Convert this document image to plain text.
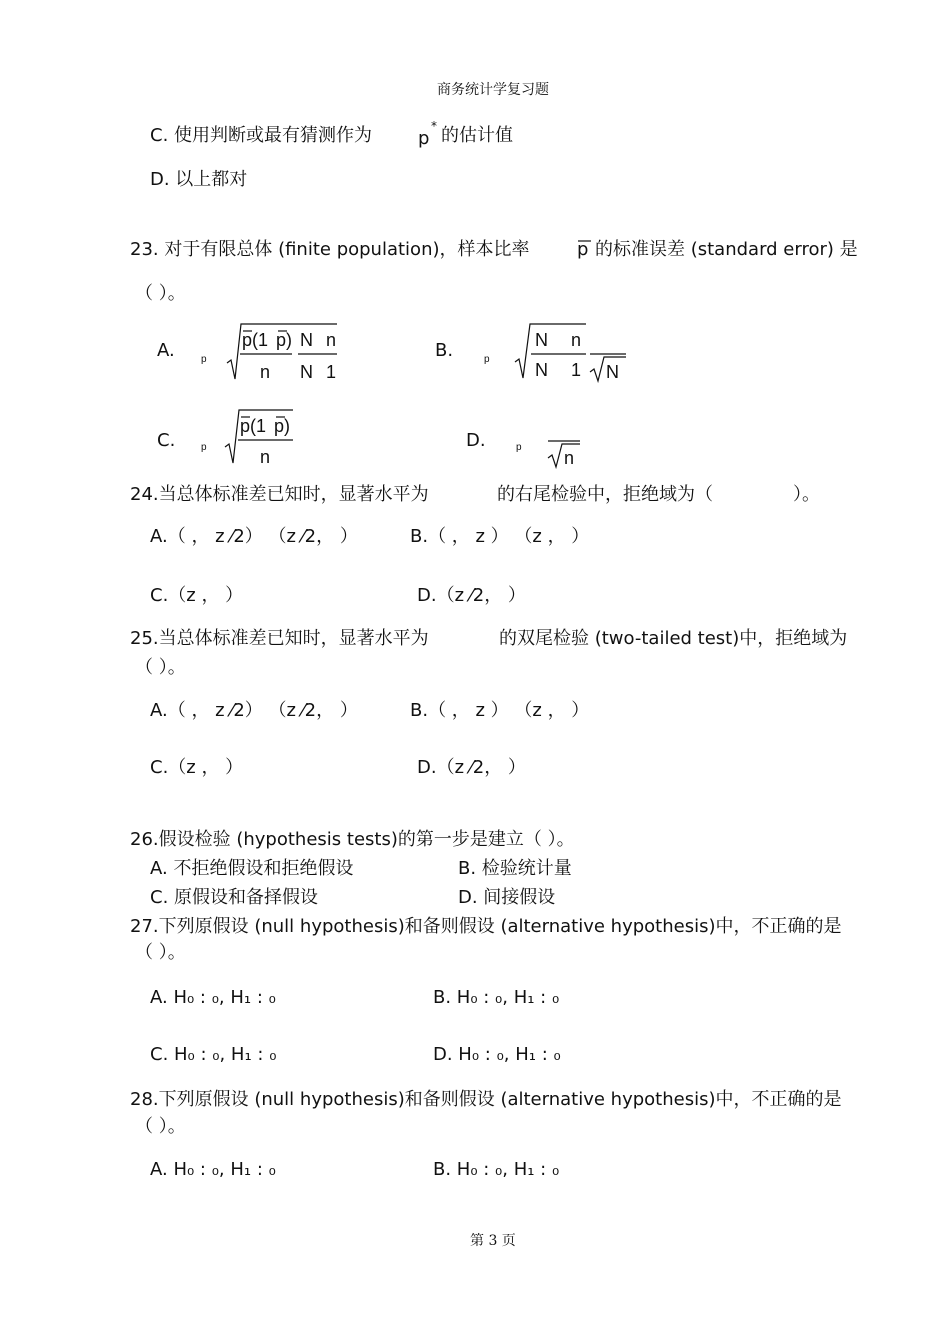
商务统计学复习题
C. 使用判断或最有猜测作为	p
* 的估计值
D. 以上都对
23. 对于有限总体 (finite population)，样本比率	p 的标准误差 (standard error) 是
（ ）。
A.	B.
C.	D.
p
p(1 p)
n
N n
N 1
p
N n
N 1 N
p
p(1 p)
n	p
n
24.当总体标准差已知时，显著水平为	的右尾检验中，拒绝域为（	）。
A.（ ， z ⁄2） （z ⁄2， ）	B.（ ， z ） （z ， ）
C.（z ， ）	D.（z ⁄2， ）
25.当总体标准差已知时，显著水平为	的双尾检验 (two-tailed test)中，拒绝域为
（ ）。
A.（ ， z ⁄2） （z ⁄2， ）	B.（ ， z ） （z ， ）
C.（z ， ）	D.（z ⁄2， ）
26.假设检验 (hypothesis tests)的第一步是建立（ ）。
A. 不拒绝假设和拒绝假设	B. 检验统计量
C. 原假设和备择假设	D. 间接假设
27.下列原假设 (null hypothesis)和备则假设 (alternative hypothesis)中，不正确的是
（ ）。
A. H₀ : ₀, H₁ : ₀	B. H₀ : ₀, H₁ : ₀
C. H₀ : ₀, H₁ : ₀	D. H₀ : ₀, H₁ : ₀
28.下列原假设 (null hypothesis)和备则假设 (alternative hypothesis)中，不正确的是
（ ）。
A. H₀ : ₀, H₁ : ₀	B. H₀ : ₀, H₁ : ₀
第 3 页
